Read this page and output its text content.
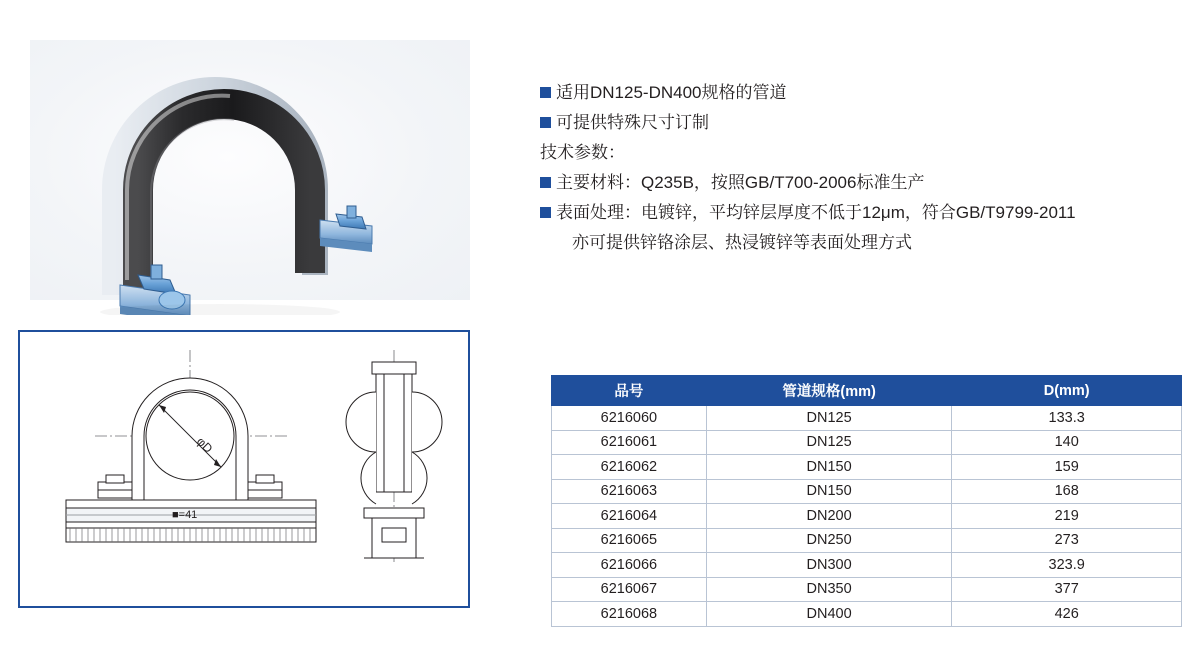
适用DN125-DN400规格的管道
可提供特殊尺寸订制
技术参数：
主要材料：Q235B，按照GB/T700-2006标准生产
表面处理：电镀锌，平均锌层厚度不低于12μm，符合GB/T9799-2011
亦可提供锌铬涂层、热浸镀锌等表面处理方式
φD
■=41
品号	管道规格(mm)	D(mm)
6216060	DN125	133.3
6216061	DN125	140
6216062	DN150	159
6216063	DN150	168
6216064	DN200	219
6216065	DN250	273
6216066	DN300	323.9
6216067	DN350	377
6216068	DN400	426
